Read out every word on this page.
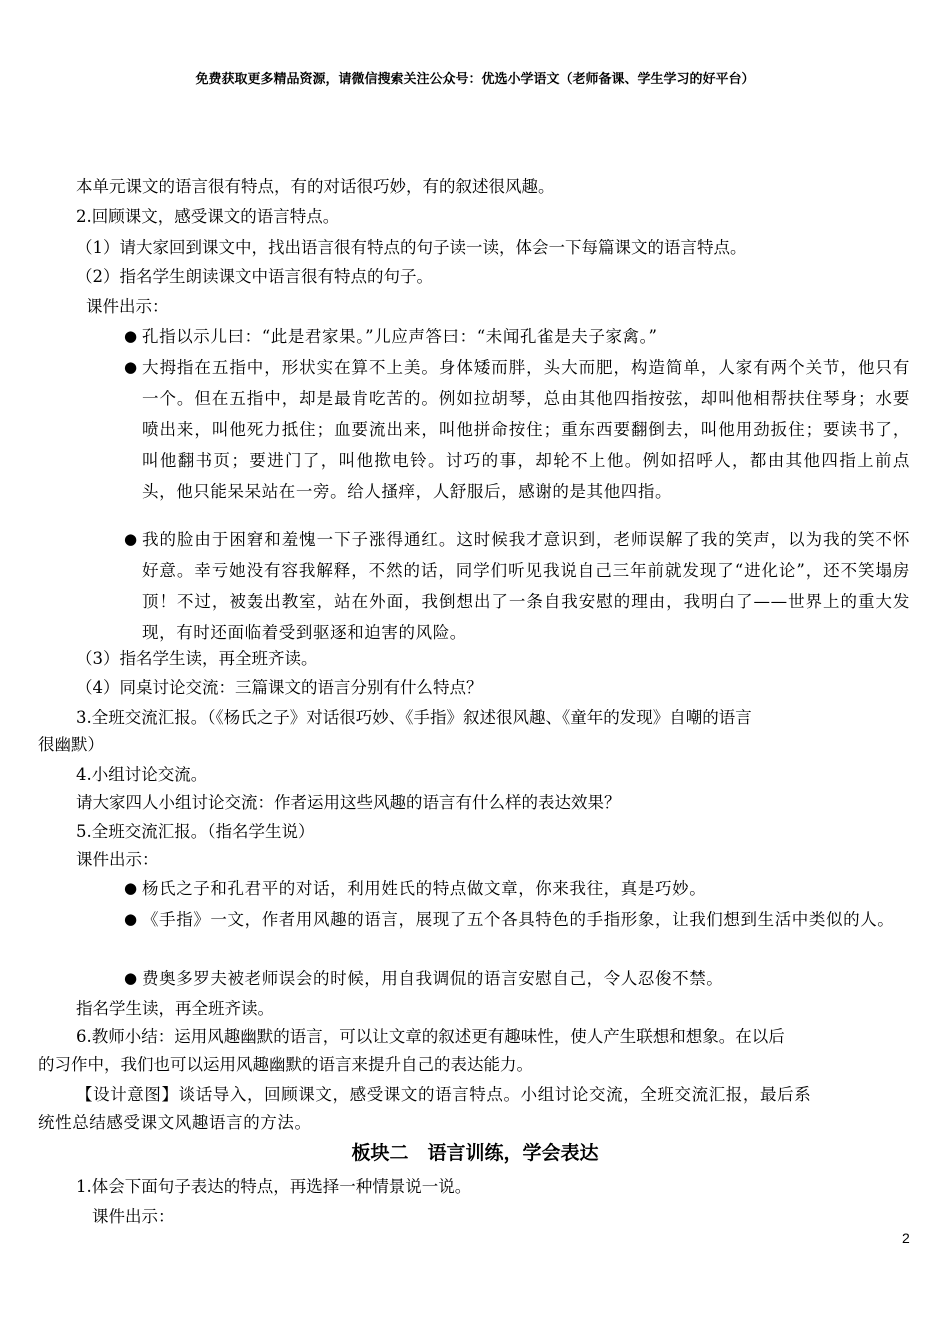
免费获取更多精品资源，请微信搜索关注公众号：优选小学语文（老师备课、学生学习的好平台）
本单元课文的语言很有特点，有的对话很巧妙，有的叙述很风趣。
2.回顾课文，感受课文的语言特点。
（1）请大家回到课文中，找出语言很有特点的句子读一读，体会一下每篇课文的语言特点。
（2）指名学生朗读课文中语言很有特点的句子。
课件出示：
● 孔指以示儿曰：“此是君家果。”儿应声答曰：“未闻孔雀是夫子家禽。”
● 大拇指在五指中，形状实在算不上美。身体矮而胖，头大而肥，构造简单，人家有两个关节，他只有一个。但在五指中，却是最肯吃苦的。例如拉胡琴，总由其他四指按弦，却叫他相帮扶住琴身；水要喷出来，叫他死力抵住；血要流出来，叫他拼命按住；重东西要翻倒去，叫他用劲扳住；要读书了，叫他翻书页；要进门了，叫他揿电铃。讨巧的事，却轮不上他。例如招呼人，都由其他四指上前点头，他只能呆呆站在一旁。给人搔痒，人舒服后，感谢的是其他四指。
● 我的脸由于困窘和羞愧一下子涨得通红。这时候我才意识到，老师误解了我的笑声，以为我的笑不怀好意。幸亏她没有容我解释，不然的话，同学们听见我说自己三年前就发现了“进化论”，还不笑塌房顶！不过，被轰出教室，站在外面，我倒想出了一条自我安慰的理由，我明白了——世界上的重大发现，有时还面临着受到驱逐和迫害的风险。
（3）指名学生读，再全班齐读。
（4）同桌讨论交流：三篇课文的语言分别有什么特点？
3.全班交流汇报。（《杨氏之子》对话很巧妙、《手指》叙述很风趣、《童年的发现》自嘲的语言
很幽默）
4.小组讨论交流。
请大家四人小组讨论交流：作者运用这些风趣的语言有什么样的表达效果？
5.全班交流汇报。（指名学生说）
课件出示：
● 杨氏之子和孔君平的对话，利用姓氏的特点做文章，你来我往，真是巧妙。
● 《手指》一文，作者用风趣的语言，展现了五个各具特色的手指形象，让我们想到生活中类似的人。
● 费奥多罗夫被老师误会的时候，用自我调侃的语言安慰自己，令人忍俊不禁。
指名学生读，再全班齐读。
6.教师小结：运用风趣幽默的语言，可以让文章的叙述更有趣味性，使人产生联想和想象。在以后
的习作中，我们也可以运用风趣幽默的语言来提升自己的表达能力。
【设计意图】谈话导入，回顾课文，感受课文的语言特点。小组讨论交流，全班交流汇报，最后系
统性总结感受课文风趣语言的方法。
板块二　语言训练，学会表达
1.体会下面句子表达的特点，再选择一种情景说一说。
课件出示：
2
